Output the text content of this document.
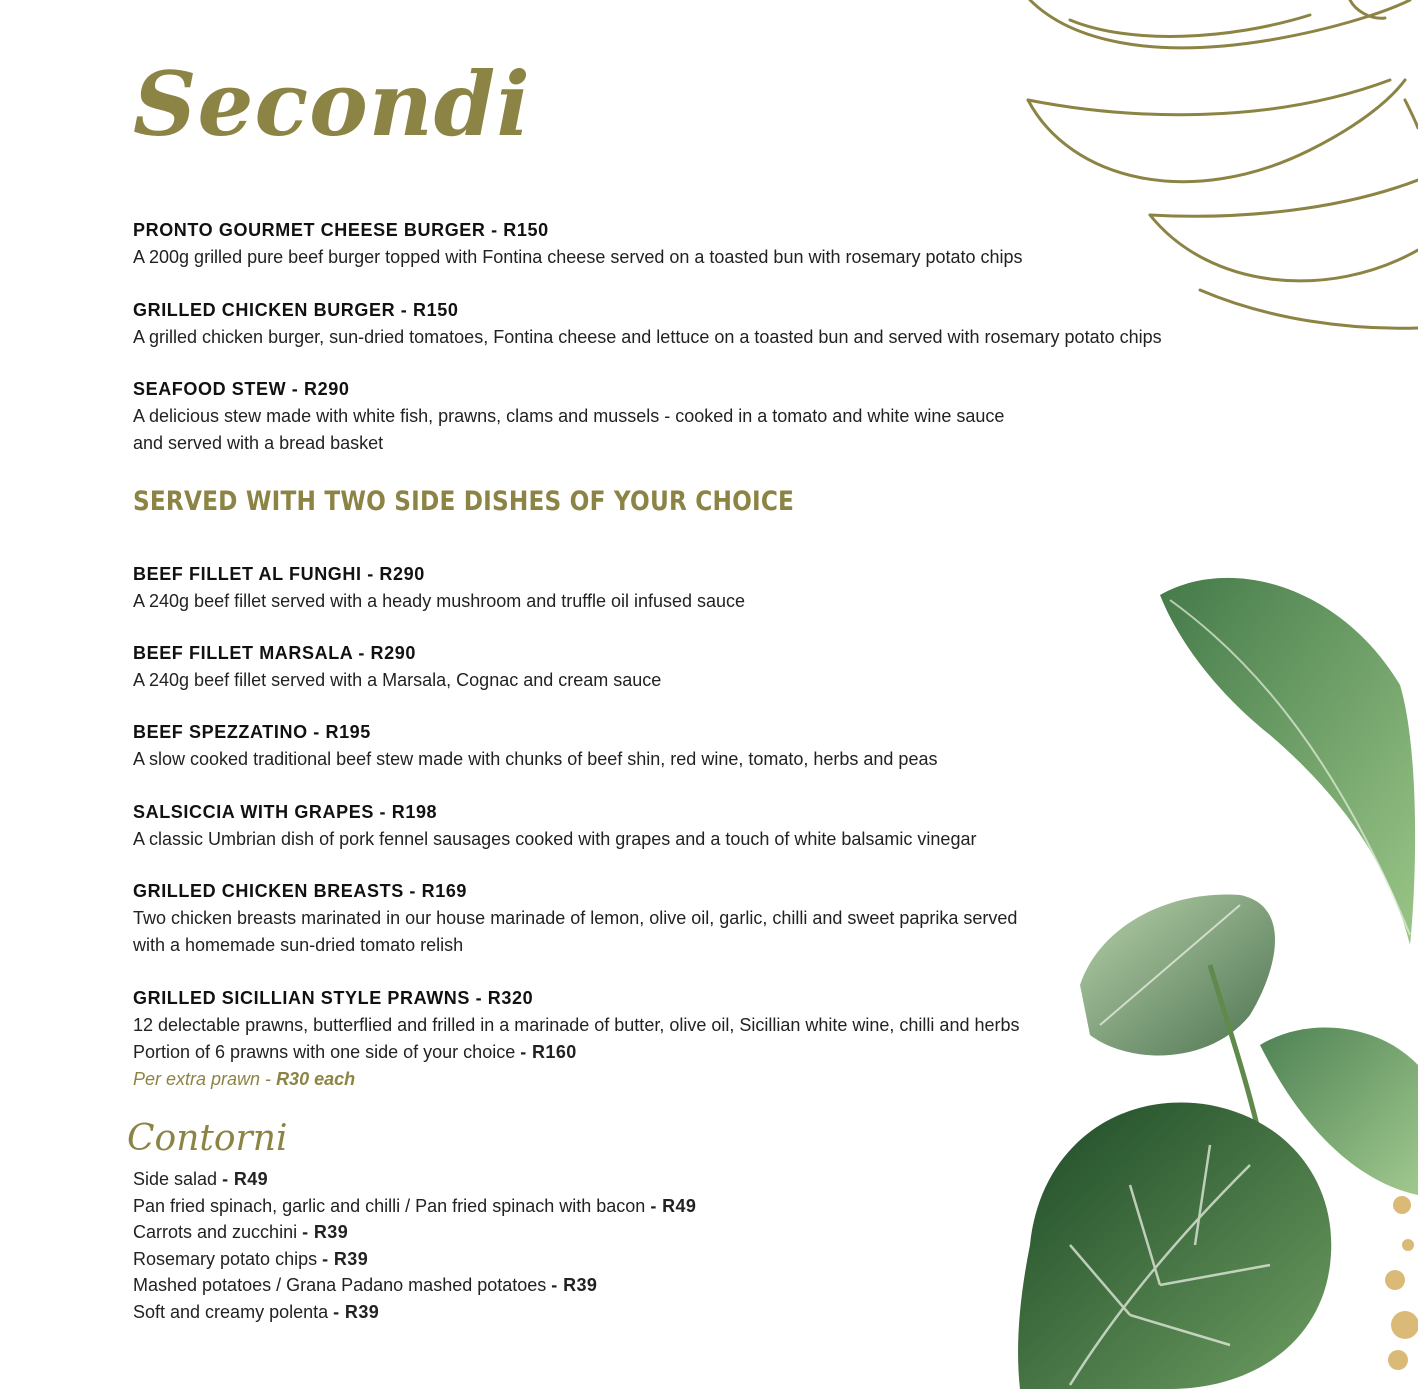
Secondi
PRONTO GOURMET CHEESE BURGER - R150
A 200g grilled pure beef burger topped with Fontina cheese served on a toasted bun with rosemary potato chips
GRILLED CHICKEN BURGER - R150
A grilled chicken burger, sun-dried tomatoes, Fontina cheese and lettuce on a toasted bun and served with rosemary potato chips
SEAFOOD STEW - R290
A delicious stew made with white fish, prawns, clams and mussels - cooked in a tomato and white wine sauce
and served with a bread basket
SERVED WITH TWO SIDE DISHES OF YOUR CHOICE
BEEF FILLET AL FUNGHI - R290
A 240g beef fillet served with a heady mushroom and truffle oil infused sauce
BEEF FILLET MARSALA - R290
A 240g beef fillet served with a Marsala, Cognac and cream sauce
BEEF SPEZZATINO - R195
A slow cooked traditional beef stew made with chunks of beef shin, red wine, tomato, herbs and peas
SALSICCIA WITH GRAPES - R198
A classic Umbrian dish of pork fennel sausages cooked with grapes and a touch of white balsamic vinegar
GRILLED CHICKEN BREASTS - R169
Two chicken breasts marinated in our house marinade of lemon, olive oil, garlic, chilli and sweet paprika served
with a homemade sun-dried tomato relish
GRILLED SICILLIAN STYLE PRAWNS - R320
12 delectable prawns, butterflied and frilled in a marinade of butter, olive oil, Sicillian white wine, chilli and herbs
Portion of 6 prawns with one side of your choice - R160
Per extra prawn - R30 each
Contorni
Side salad - R49
Pan fried spinach, garlic and chilli / Pan fried spinach with bacon - R49
Carrots and zucchini - R39
Rosemary potato chips - R39
Mashed potatoes / Grana Padano mashed potatoes - R39
Soft and creamy polenta - R39
